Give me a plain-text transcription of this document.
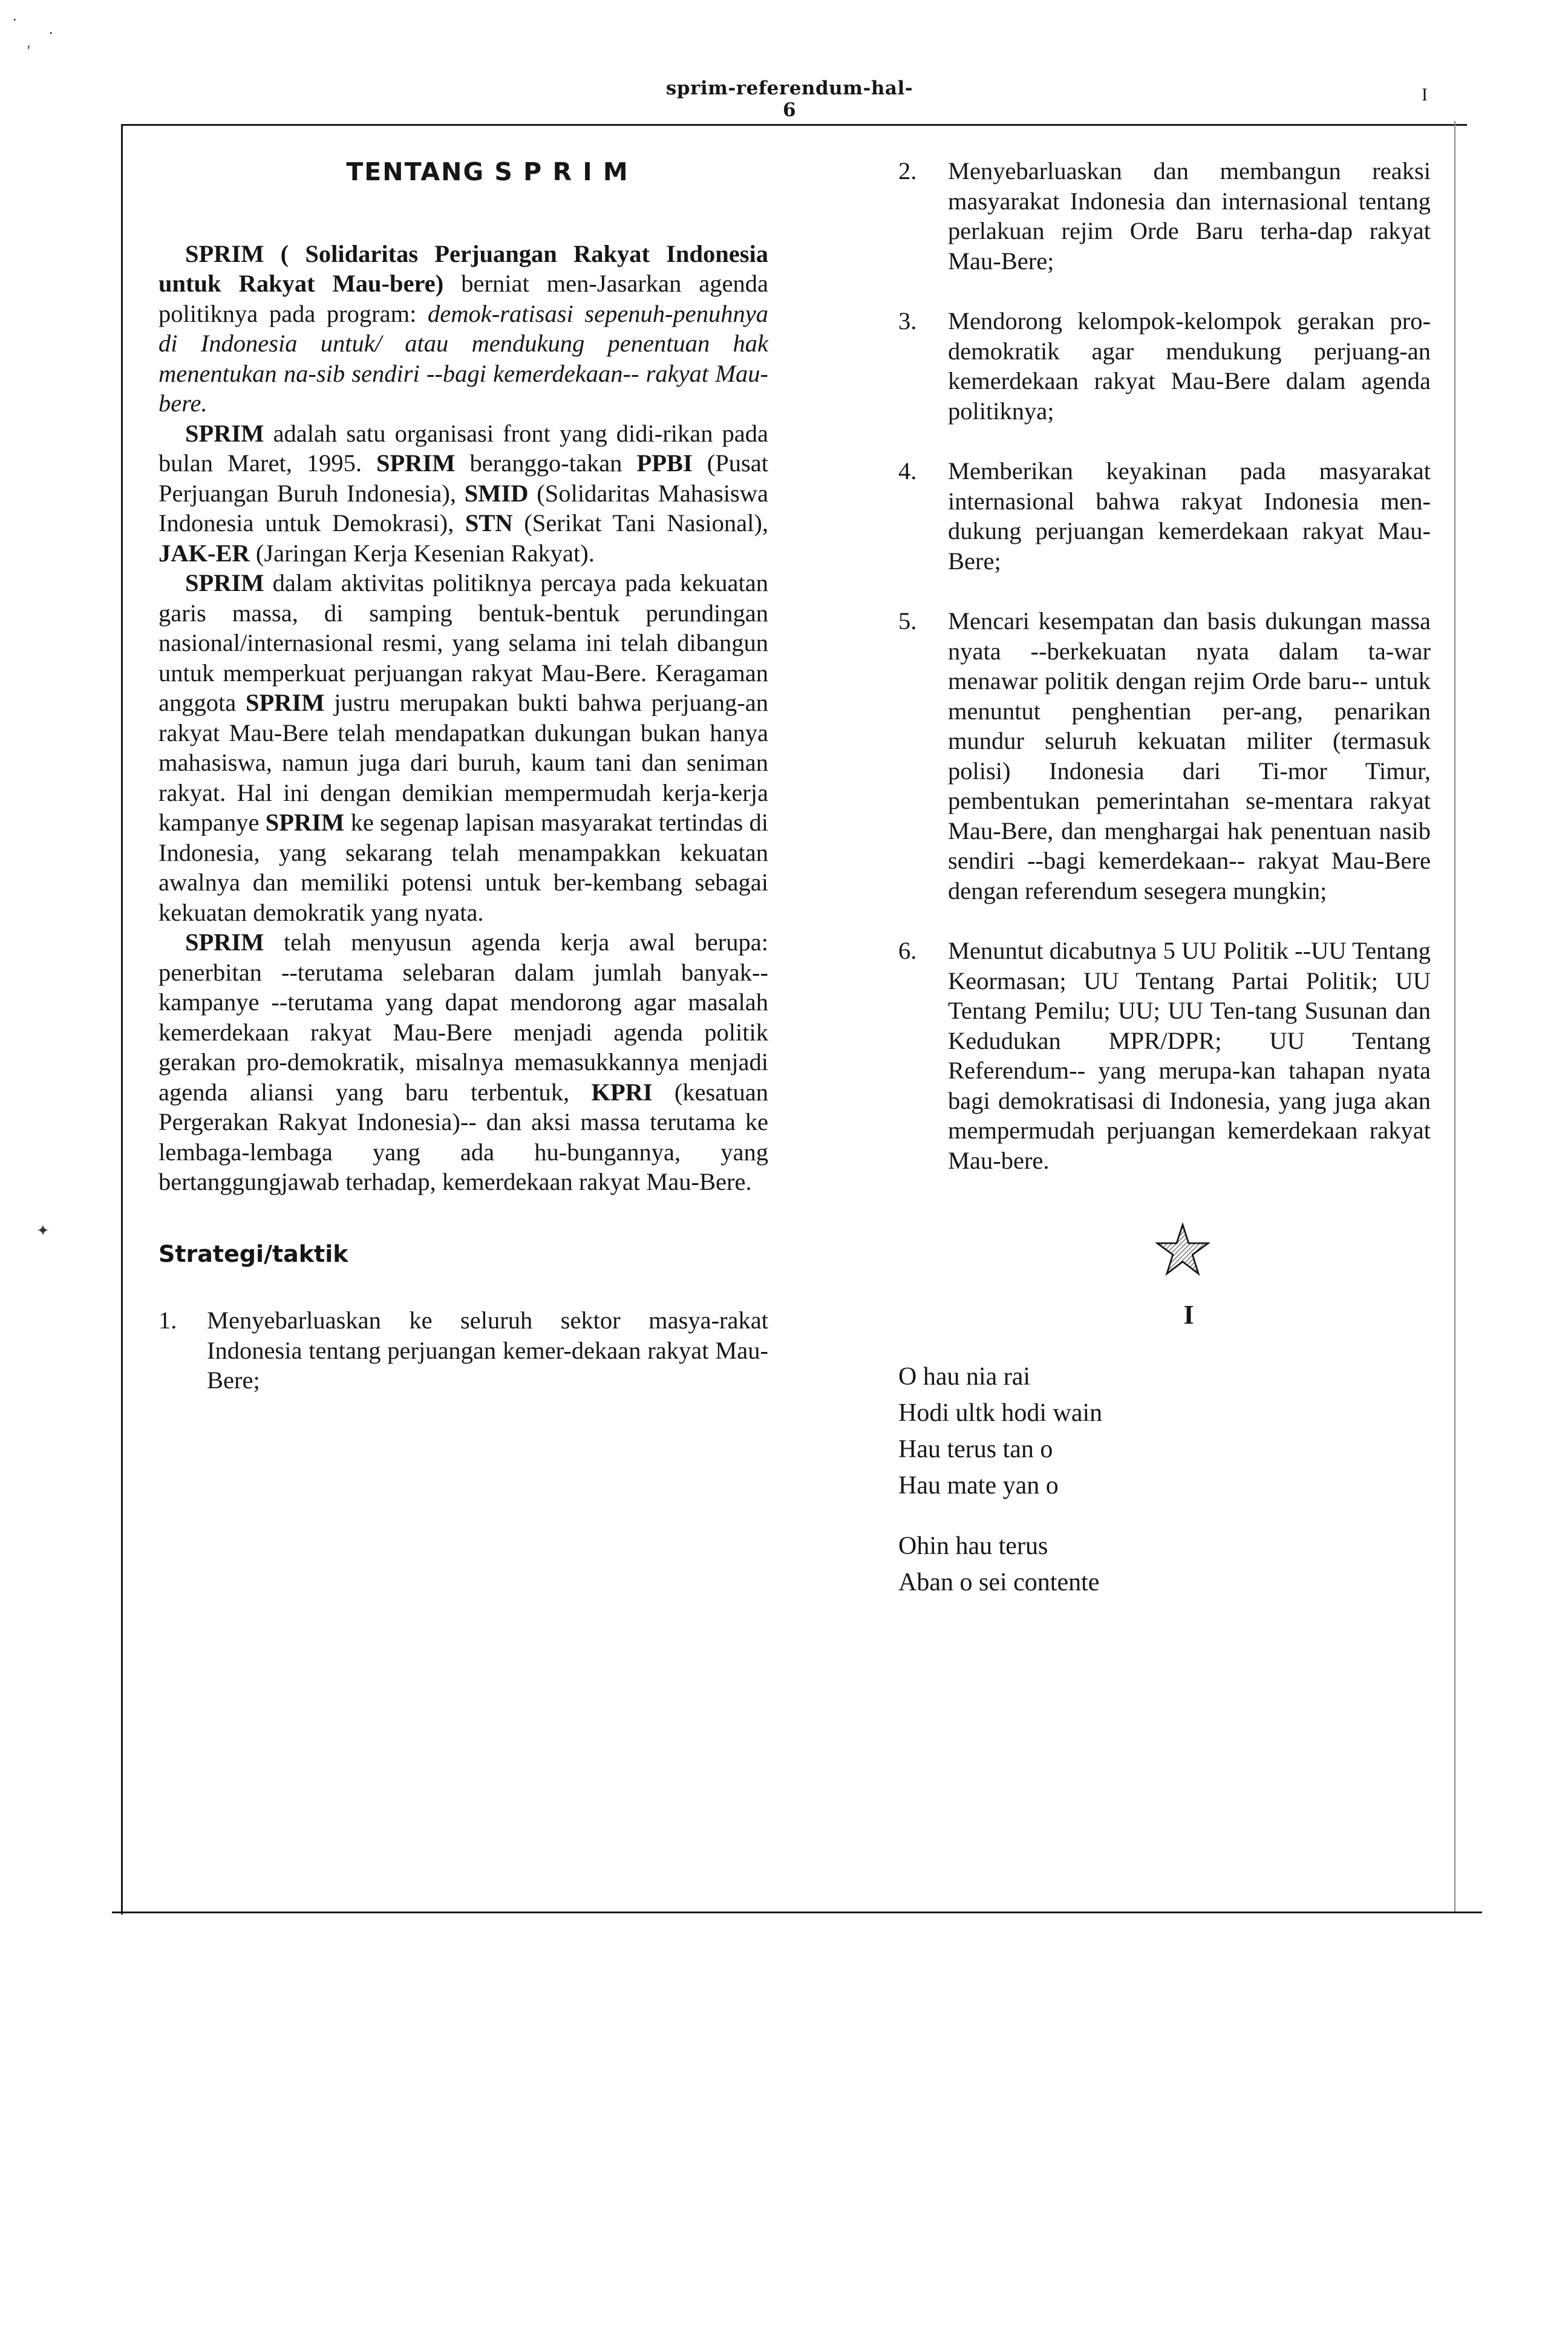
·
'
·
✦
sprim-referendum-hal-6
I
TENTANG S P R I M

SPRIM ( Solidaritas Perjuangan Rakyat Indonesia untuk Rakyat Mau-bere) berniat men-Jasarkan agenda politiknya pada program: demok-ratisasi sepenuh-penuhnya di Indonesia untuk/ atau mendukung penentuan hak menentukan na-sib sendiri --bagi kemerdekaan-- rakyat Mau-bere.

SPRIM adalah satu organisasi front yang didi-rikan pada bulan Maret, 1995. SPRIM beranggo-takan PPBI (Pusat Perjuangan Buruh Indonesia), SMID (Solidaritas Mahasiswa Indonesia untuk Demokrasi), STN (Serikat Tani Nasional), JAK-ER (Jaringan Kerja Kesenian Rakyat).

SPRIM dalam aktivitas politiknya percaya pada kekuatan garis massa, di samping bentuk-bentuk perundingan nasional/internasional resmi, yang selama ini telah dibangun untuk memperkuat perjuangan rakyat Mau-Bere. Keragaman anggota SPRIM justru merupakan bukti bahwa perjuang-an rakyat Mau-Bere telah mendapatkan dukungan bukan hanya mahasiswa, namun juga dari buruh, kaum tani dan seniman rakyat. Hal ini dengan demikian mempermudah kerja-kerja kampanye SPRIM ke segenap lapisan masyarakat tertindas di Indonesia, yang sekarang telah menampakkan kekuatan awalnya dan memiliki potensi untuk ber-kembang sebagai kekuatan demokratik yang nyata.

SPRIM telah menyusun agenda kerja awal berupa: penerbitan --terutama selebaran dalam jumlah banyak-- kampanye --terutama yang dapat mendorong agar masalah kemerdekaan rakyat Mau-Bere menjadi agenda politik gerakan pro-demokratik, misalnya memasukkannya menjadi agenda aliansi yang baru terbentuk, KPRI (kesatuan Pergerakan Rakyat Indonesia)-- dan aksi massa terutama ke lembaga-lembaga yang ada hu-bungannya, yang bertanggungjawab terhadap, kemerdekaan rakyat Mau-Bere.

Strategi/taktik
1. Menyebarluaskan ke seluruh sektor masya-rakat Indonesia tentang perjuangan kemer-dekaan rakyat Mau-Bere;
2. Menyebarluaskan dan membangun reaksi masyarakat Indonesia dan internasional tentang perlakuan rejim Orde Baru terha-dap rakyat Mau-Bere;
3. Mendorong kelompok-kelompok gerakan pro-demokratik agar mendukung perjuang-an kemerdekaan rakyat Mau-Bere dalam agenda politiknya;
4. Memberikan keyakinan pada masyarakat internasional bahwa rakyat Indonesia men-dukung perjuangan kemerdekaan rakyat Mau-Bere;
5. Mencari kesempatan dan basis dukungan massa nyata --berkekuatan nyata dalam ta-war menawar politik dengan rejim Orde baru-- untuk menuntut penghentian per-ang, penarikan mundur seluruh kekuatan militer (termasuk polisi) Indonesia dari Ti-mor Timur, pembentukan pemerintahan se-mentara rakyat Mau-Bere, dan menghargai hak penentuan nasib sendiri --bagi kemerdekaan-- rakyat Mau-Bere dengan referendum sesegera mungkin;
6. Menuntut dicabutnya 5 UU Politik --UU Tentang Keormasan; UU Tentang Partai Politik; UU Tentang Pemilu; UU; UU Ten-tang Susunan dan Kedudukan MPR/DPR; UU Tentang Referendum-- yang merupa-kan tahapan nyata bagi demokratisasi di Indonesia, yang juga akan mempermudah perjuangan kemerdekaan rakyat Mau-bere.
I
O hau nia rai
Hodi ultk hodi wain
Hau terus tan o
Hau mate yan o
Ohin hau terus
Aban o sei contente
